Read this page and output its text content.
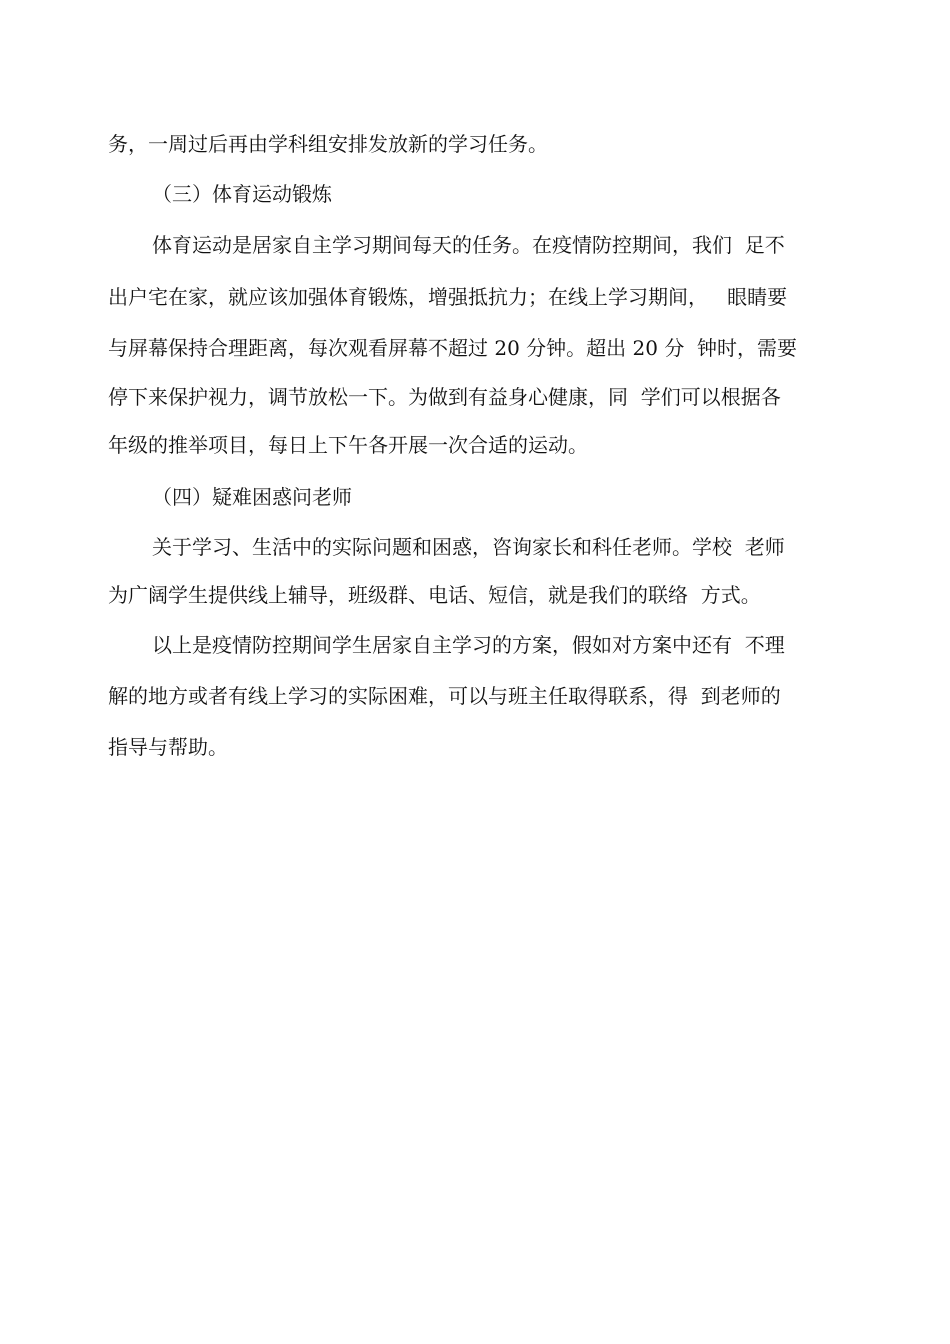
务，一周过后再由学科组安排发放新的学习任务。
（三）体育运动锻炼
体育运动是居家自主学习期间每天的任务。在疫情防控期间，我们  足不
出户宅在家，就应该加强体育锻炼，增强抵抗力；在线上学习期间，   眼睛要
与屏幕保持合理距离，每次观看屏幕不超过 20 分钟。超出 20 分  钟时，需要
停下来保护视力，调节放松一下。为做到有益身心健康，同  学们可以根据各
年级的推举项目，每日上下午各开展一次合适的运动。
（四）疑难困惑问老师
关于学习、生活中的实际问题和困惑，咨询家长和科任老师。学校  老师
为广阔学生提供线上辅导，班级群、电话、短信，就是我们的联络  方式。
以上是疫情防控期间学生居家自主学习的方案，假如对方案中还有  不理
解的地方或者有线上学习的实际困难，可以与班主任取得联系，得  到老师的
指导与帮助。
